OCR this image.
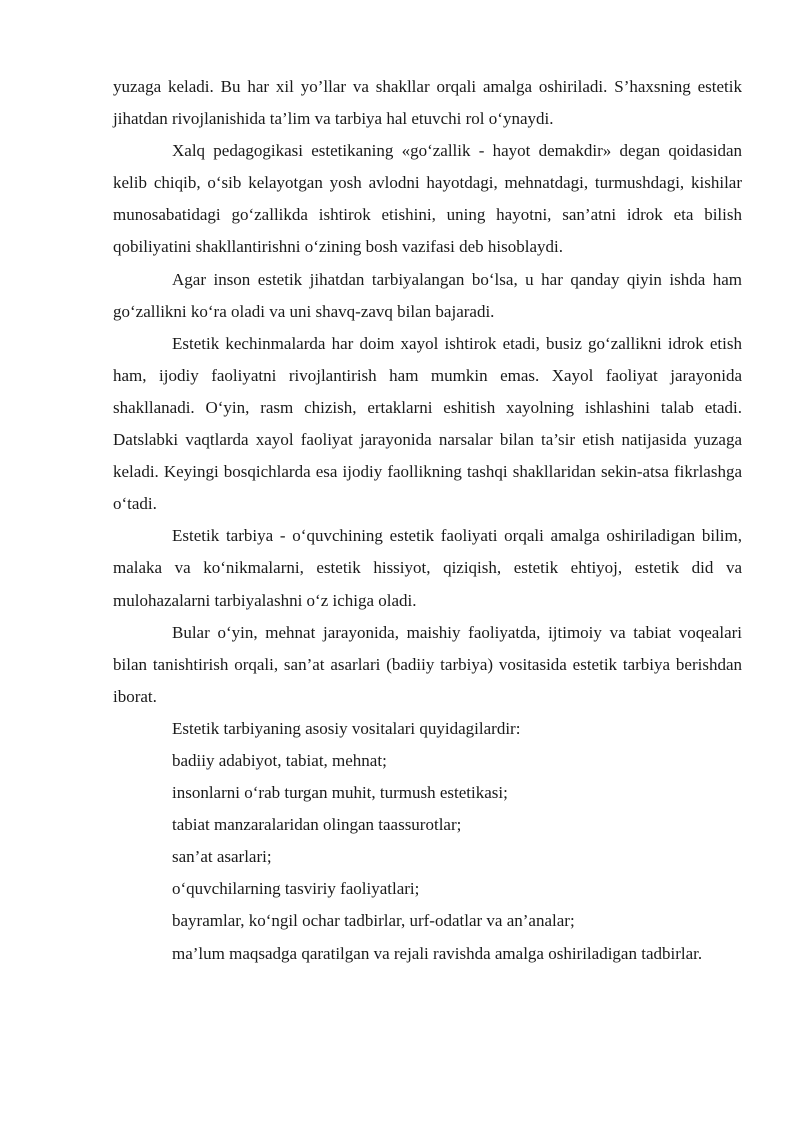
yuzaga keladi. Bu har xil yo’llar va shakllar orqali amalga oshiriladi. S’haxsning estetik jihatdan rivojlanishida ta’lim va tarbiya hal etuvchi rol o‘ynaydi.

Xalq pedagogikasi estetikaning «go‘zallik - hayot demakdir» degan qoidasidan kelib chiqib, o‘sib kelayotgan yosh avlodni hayotdagi, mehnatdagi, turmushdagi, kishilar munosabatidagi go‘zallikda ishtirok etishini, uning hayotni, san’atni idrok eta bilish qobiliyatini shakllantirishni o‘zining bosh vazifasi deb hisoblaydi.

Agar inson estetik jihatdan tarbiyalangan bo‘lsa, u har qanday qiyin ishda ham go‘zallikni ko‘ra oladi va uni shavq-zavq bilan bajaradi.

Estetik kechinmalarda har doim xayol ishtirok etadi, busiz go‘zallikni idrok etish ham, ijodiy faoliyatni rivojlantirish ham mumkin emas. Xayol faoliyat jarayonida shakllanadi. O‘yin, rasm chizish, ertaklarni eshitish xayolning ishlashini talab etadi. Datslabki vaqtlarda xayol faoliyat jarayonida narsalar bilan ta’sir etish natijasida yuzaga keladi. Keyingi bosqichlarda esa ijodiy faollikning tashqi shakllaridan sekin-atsa fikrlashga o‘tadi.

Estetik tarbiya - o‘quvchining estetik faoliyati orqali amalga oshiriladigan bilim, malaka va ko‘nikmalarni, estetik hissiyot, qiziqish, estetik ehtiyoj, estetik did va mulohazalarni tarbiyalashni o‘z ichiga oladi.

Bular o‘yin, mehnat jarayonida, maishiy faoliyatda, ijtimoiy va tabiat voqealari bilan tanishtirish orqali, san’at asarlari (badiiy tarbiya) vositasida estetik tarbiya berishdan iborat.

Estetik tarbiyaning asosiy vositalari quyidagilardir:

badiiy adabiyot, tabiat, mehnat;

insonlarni o‘rab turgan muhit, turmush estetikasi;

tabiat manzaralaridan olingan taassurotlar;

san’at asarlari;

o‘quvchilarning tasviriy faoliyatlari;

bayramlar, ko‘ngil ochar tadbirlar, urf-odatlar va an’analar;

ma’lum maqsadga qaratilgan va rejali ravishda amalga oshiriladigan tadbirlar.
